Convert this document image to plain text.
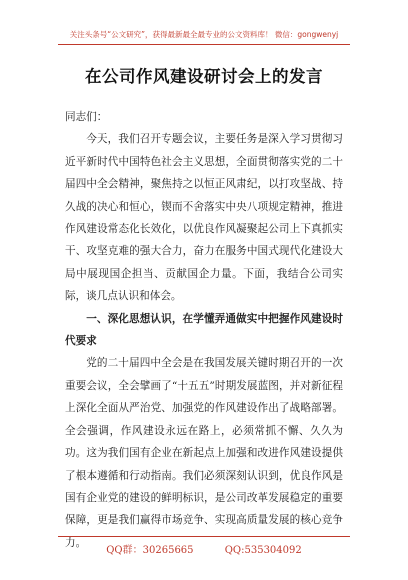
关注头条号“公文研究”，获得最新最全最专业的公文资料库！ 微信：gongwenyj
在公司作风建设研讨会上的发言

同志们：

今天，我们召开专题会议，主要任务是深入学习贯彻习近平新时代中国特色社会主义思想，全面贯彻落实党的二十届四中全会精神，聚焦持之以恒正风肃纪，以打攻坚战、持久战的决心和恒心，锲而不舍落实中央八项规定精神，推进作风建设常态化长效化，以优良作风凝聚起公司上下真抓实干、攻坚克难的强大合力，奋力在服务中国式现代化建设大局中展现国企担当、贡献国企力量。下面，我结合公司实际，谈几点认识和体会。

一、深化思想认识，在学懂弄通做实中把握作风建设时代要求

党的二十届四中全会是在我国发展关键时期召开的一次重要会议，全会擘画了“十五五”时期发展蓝图，并对新征程上深化全面从严治党、加强党的作风建设作出了战略部署。全会强调，作风建设永远在路上，必须常抓不懈、久久为功。这为我们国有企业在新起点上加强和改进作风建设提供了根本遵循和行动指南。我们必须深刻认识到，优良作风是国有企业党的建设的鲜明标识，是公司改革发展稳定的重要保障，更是我们赢得市场竞争、实现高质量发展的核心竞争力。

QQ群：30265665	QQ:535304092
